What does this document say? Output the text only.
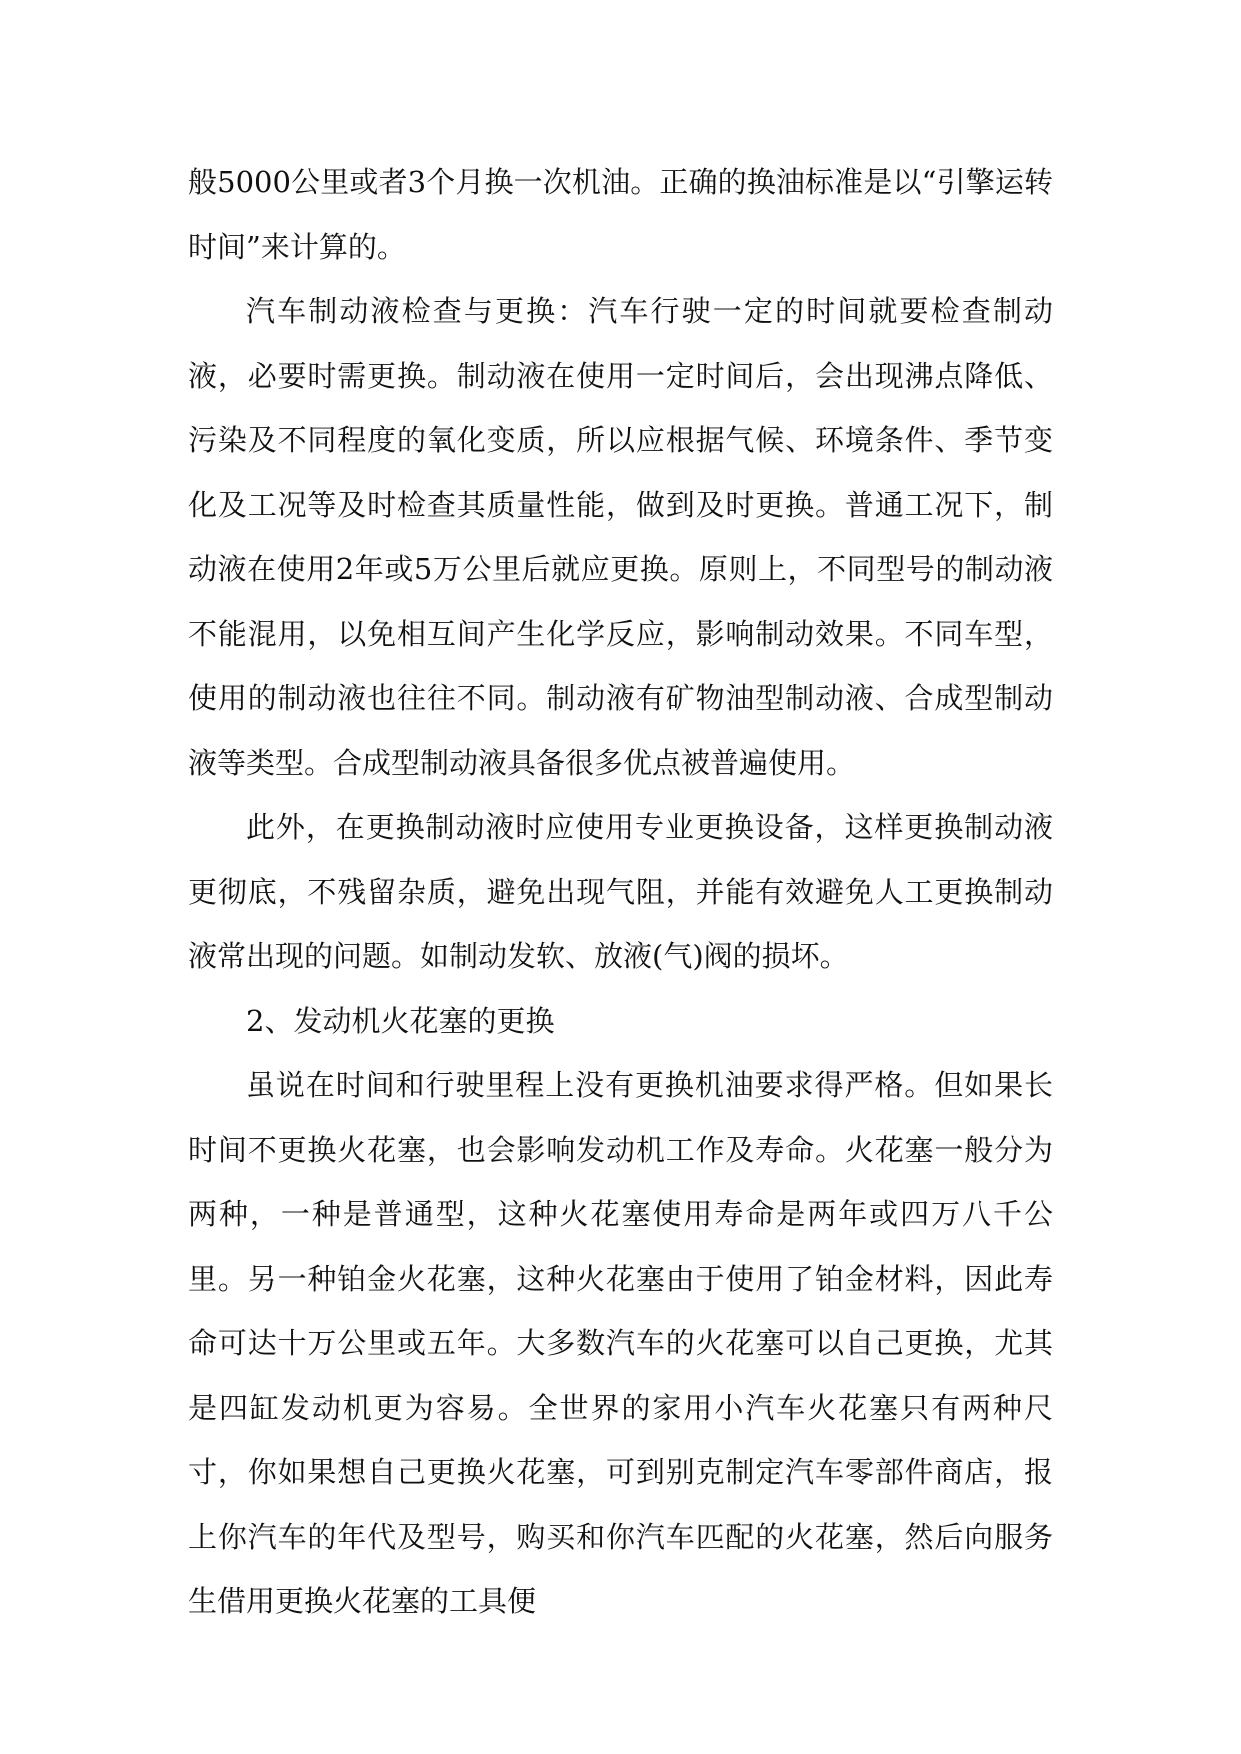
般5000公里或者3个月换一次机油。正确的换油标准是以“引擎运转时间”来计算的。

汽车制动液检查与更换：汽车行驶一定的时间就要检查制动液，必要时需更换。制动液在使用一定时间后，会出现沸点降低、污染及不同程度的氧化变质，所以应根据气候、环境条件、季节变化及工况等及时检查其质量性能，做到及时更换。普通工况下，制动液在使用2年或5万公里后就应更换。原则上，不同型号的制动液不能混用，以免相互间产生化学反应，影响制动效果。不同车型，使用的制动液也往往不同。制动液有矿物油型制动液、合成型制动液等类型。合成型制动液具备很多优点被普遍使用。

此外，在更换制动液时应使用专业更换设备，这样更换制动液更彻底，不残留杂质，避免出现气阻，并能有效避免人工更换制动液常出现的问题。如制动发软、放液(气)阀的损坏。

2、发动机火花塞的更换

虽说在时间和行驶里程上没有更换机油要求得严格。但如果长时间不更换火花塞，也会影响发动机工作及寿命。火花塞一般分为两种，一种是普通型，这种火花塞使用寿命是两年或四万八千公里。另一种铂金火花塞，这种火花塞由于使用了铂金材料，因此寿命可达十万公里或五年。大多数汽车的火花塞可以自己更换，尤其是四缸发动机更为容易。全世界的家用小汽车火花塞只有两种尺寸，你如果想自己更换火花塞，可到别克制定汽车零部件商店，报上你汽车的年代及型号，购买和你汽车匹配的火花塞，然后向服务生借用更换火花塞的工具便
